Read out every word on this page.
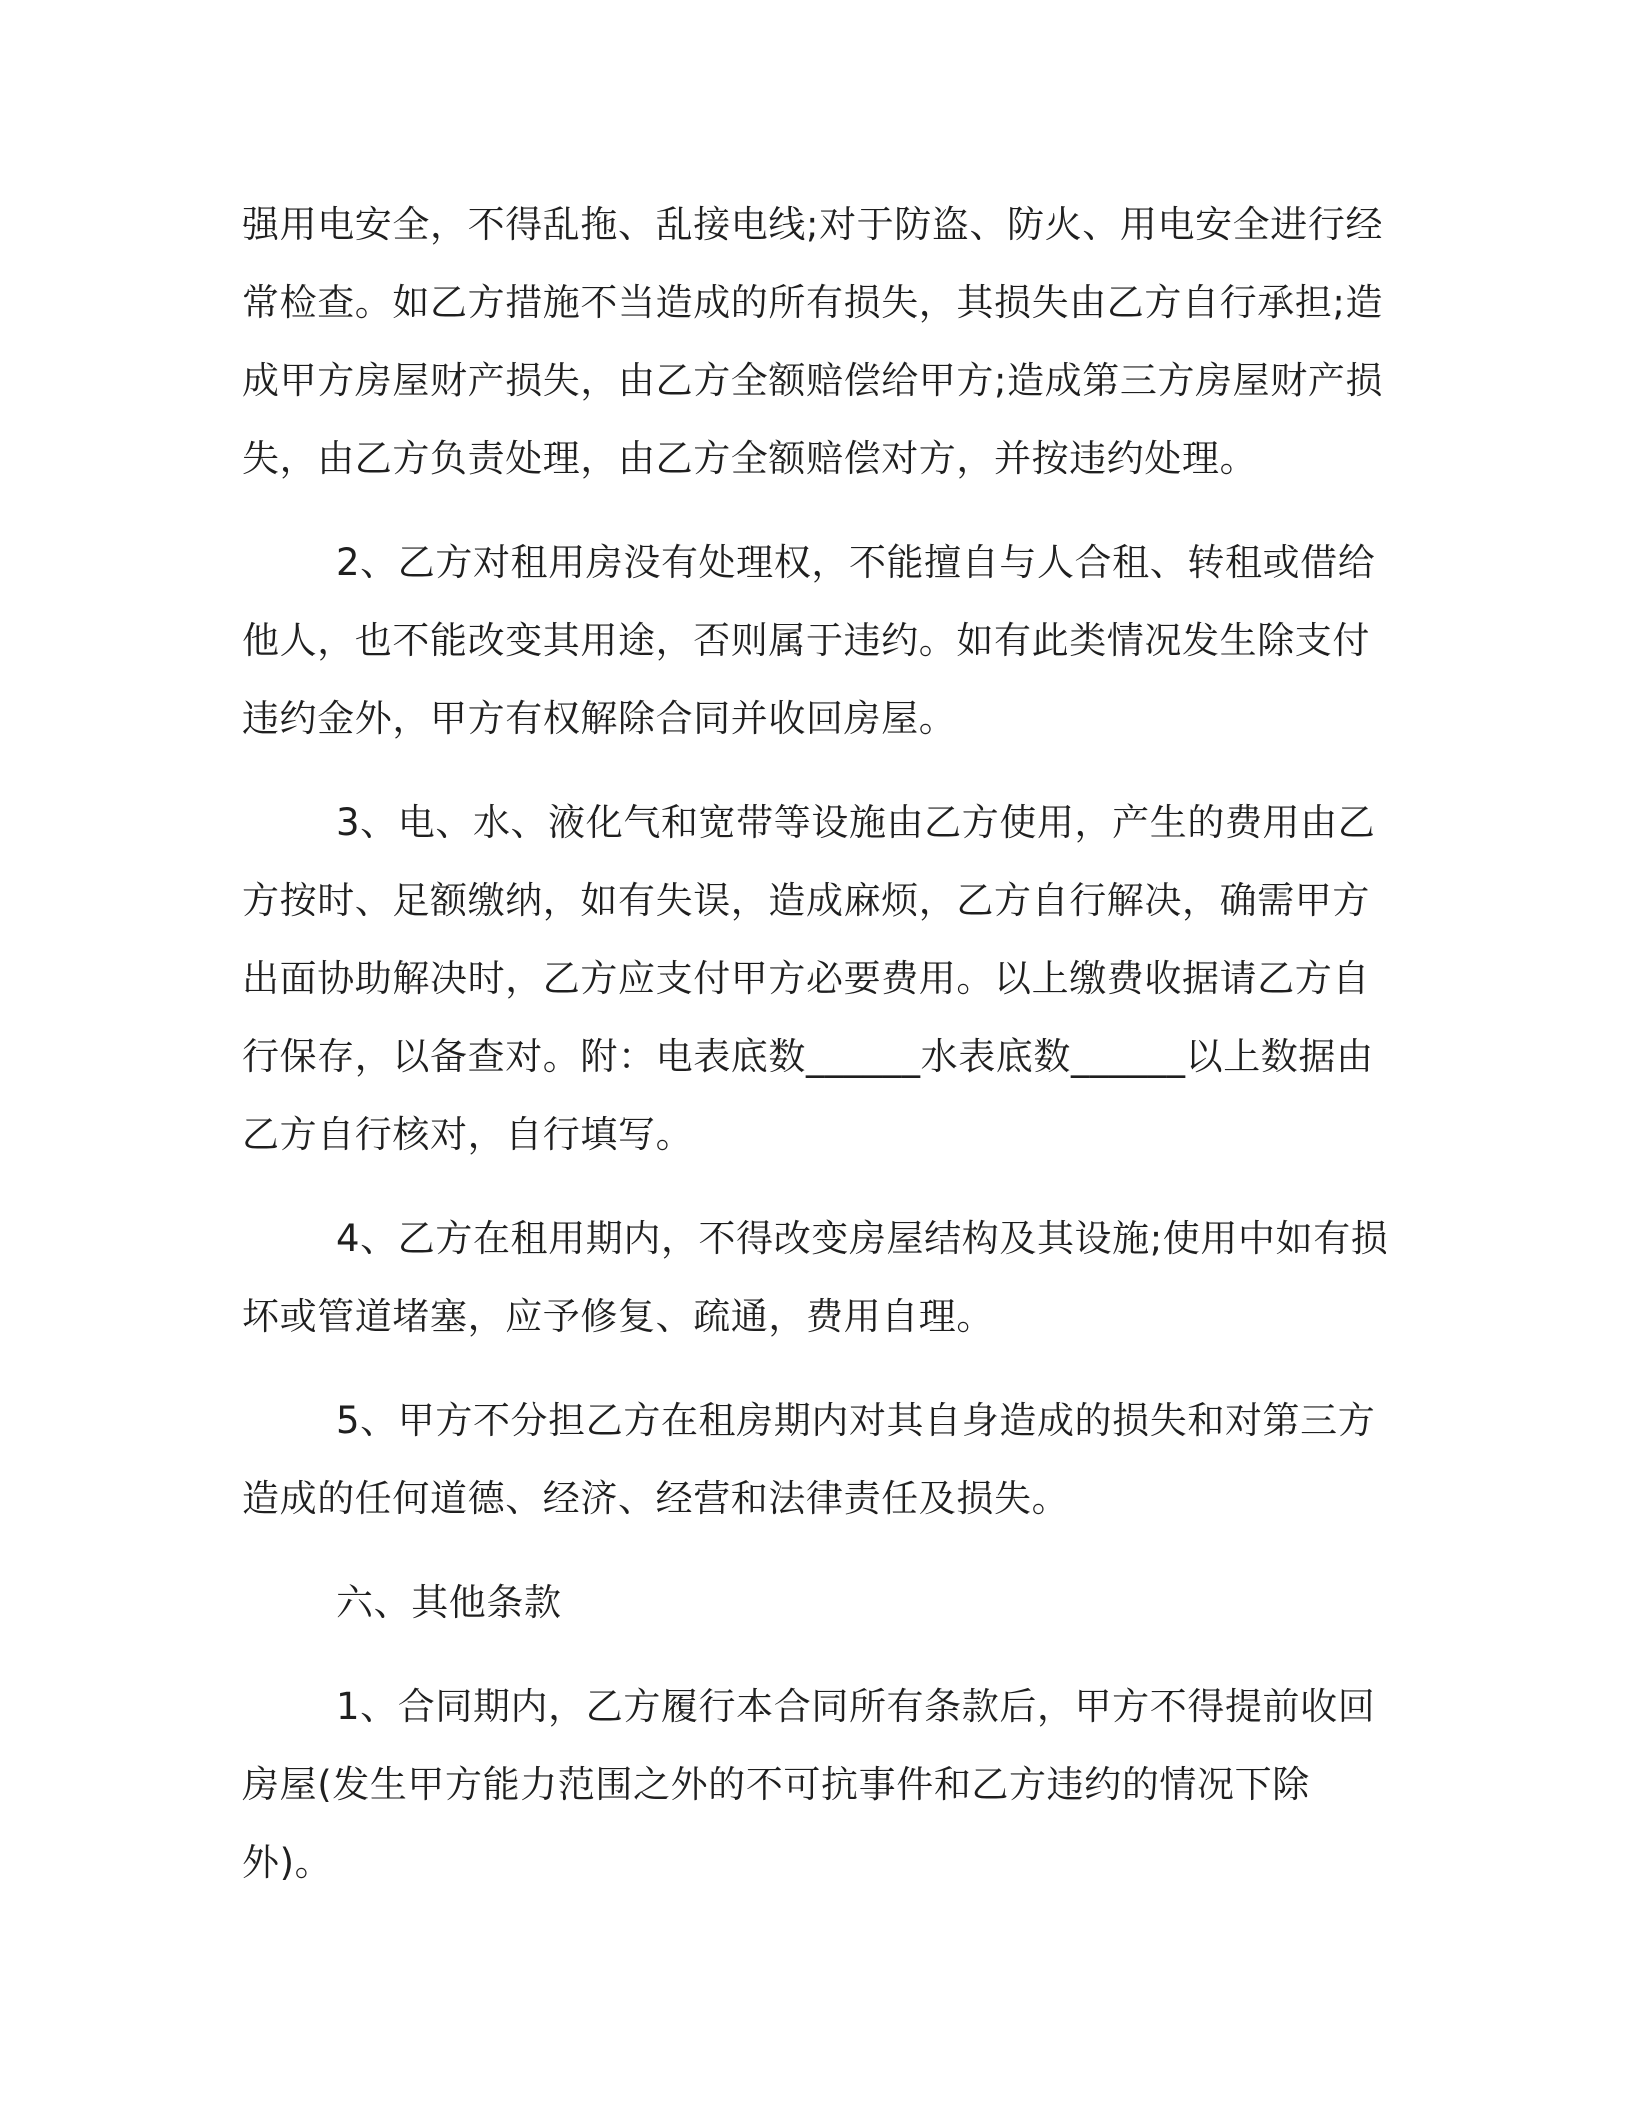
强用电安全，不得乱拖、乱接电线;对于防盗、防火、用电安全进行经常检查。如乙方措施不当造成的所有损失，其损失由乙方自行承担;造成甲方房屋财产损失，由乙方全额赔偿给甲方;造成第三方房屋财产损失，由乙方负责处理，由乙方全额赔偿对方，并按违约处理。

2、乙方对租用房没有处理权，不能擅自与人合租、转租或借给他人，也不能改变其用途，否则属于违约。如有此类情况发生除支付违约金外，甲方有权解除合同并收回房屋。

3、电、水、液化气和宽带等设施由乙方使用，产生的费用由乙方按时、足额缴纳，如有失误，造成麻烦，乙方自行解决，确需甲方出面协助解决时，乙方应支付甲方必要费用。以上缴费收据请乙方自行保存，以备查对。附：电表底数______水表底数______以上数据由乙方自行核对，自行填写。

4、乙方在租用期内，不得改变房屋结构及其设施;使用中如有损坏或管道堵塞，应予修复、疏通，费用自理。

5、甲方不分担乙方在租房期内对其自身造成的损失和对第三方造成的任何道德、经济、经营和法律责任及损失。

六、其他条款

1、合同期内，乙方履行本合同所有条款后，甲方不得提前收回房屋(发生甲方能力范围之外的不可抗事件和乙方违约的情况下除外)。
